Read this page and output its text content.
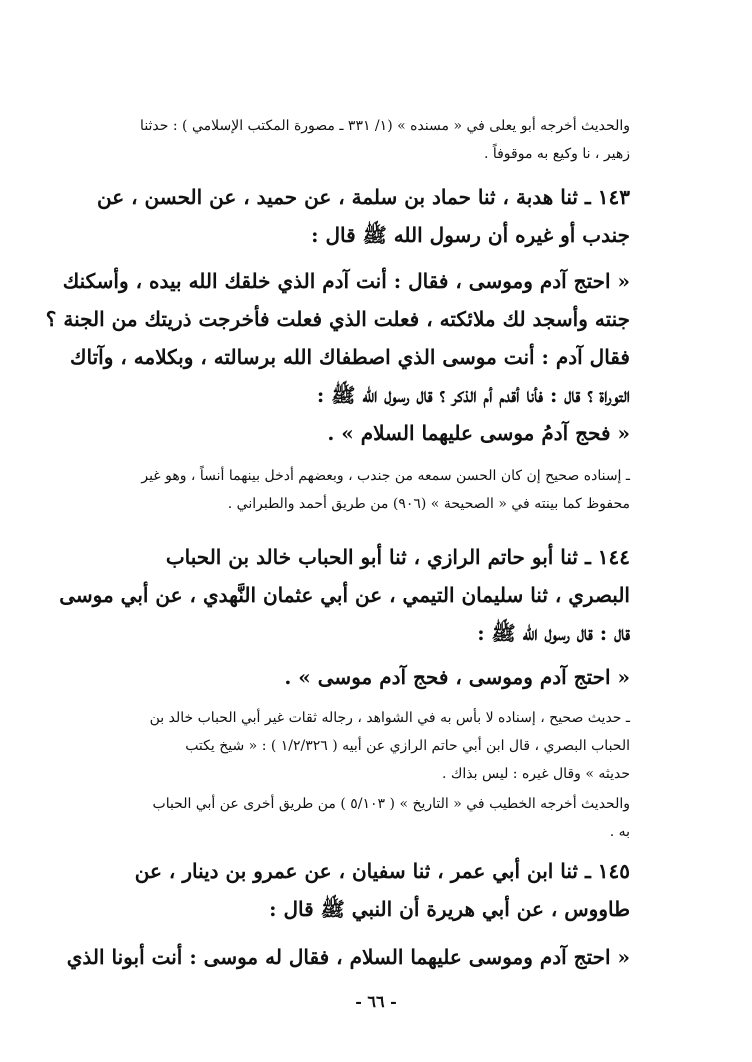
والحديث أخرجه أبو يعلى في « مسنده » (١/ ٣٣١ ـ مصورة المكتب الإسلامي ) : حدثنا
زهير ، نا وكيع به موقوفاً .
١٤٣ ـ ثنا هدبة ، ثنا حماد بن سلمة ، عن حميد ، عن الحسن ، عن
جندب أو غيره أن رسول الله ﷺ قال :
« احتج آدم وموسى ، فقال : أنت آدم الذي خلقك الله بيده ، وأسكنك
جنته وأسجد لك ملائكته ، فعلت الذي فعلت فأخرجت ذريتك من الجنة ؟
فقال آدم : أنت موسى الذي اصطفاك الله برسالته ، وبكلامه ، وآتاك
التوراة ؟ قال : فأنا أقدم أم الذكر ؟ قال رسول الله ﷺ :
« فحج آدمُ موسى عليهما السلام » .
ـ إسناده صحيح إن كان الحسن سمعه من جندب ، وبعضهم أدخل بينهما أنساً ، وهو غير
محفوظ كما بينته في « الصحيحة » (٩٠٦) من طريق أحمد والطبراني .
١٤٤ ـ ثنا أبو حاتم الرازي ، ثنا أبو الحباب خالد بن الحباب
البصري ، ثنا سليمان التيمي ، عن أبي عثمان النَّهدي ، عن أبي موسى
قال : قال رسول الله ﷺ :
« احتج آدم وموسى ، فحج آدم موسى » .
ـ حديث صحيح ، إسناده لا بأس به في الشواهد ، رجاله ثقات غير أبي الحباب خالد بن
الحباب البصري ، قال ابن أبي حاتم الرازي عن أبيه ( ١/٢/٣٢٦ ) : « شيخ يكتب
حديثه » وقال غيره : ليس بذاك .
والحديث أخرجه الخطيب في « التاريخ » ( ٥/١٠٣ ) من طريق أخرى عن أبي الحباب
به .
١٤٥ ـ ثنا ابن أبي عمر ، ثنا سفيان ، عن عمرو بن دينار ، عن
طاووس ، عن أبي هريرة أن النبي ﷺ قال :
« احتج آدم وموسى عليهما السلام ، فقال له موسى : أنت أبونا الذي
- ٦٦ -
